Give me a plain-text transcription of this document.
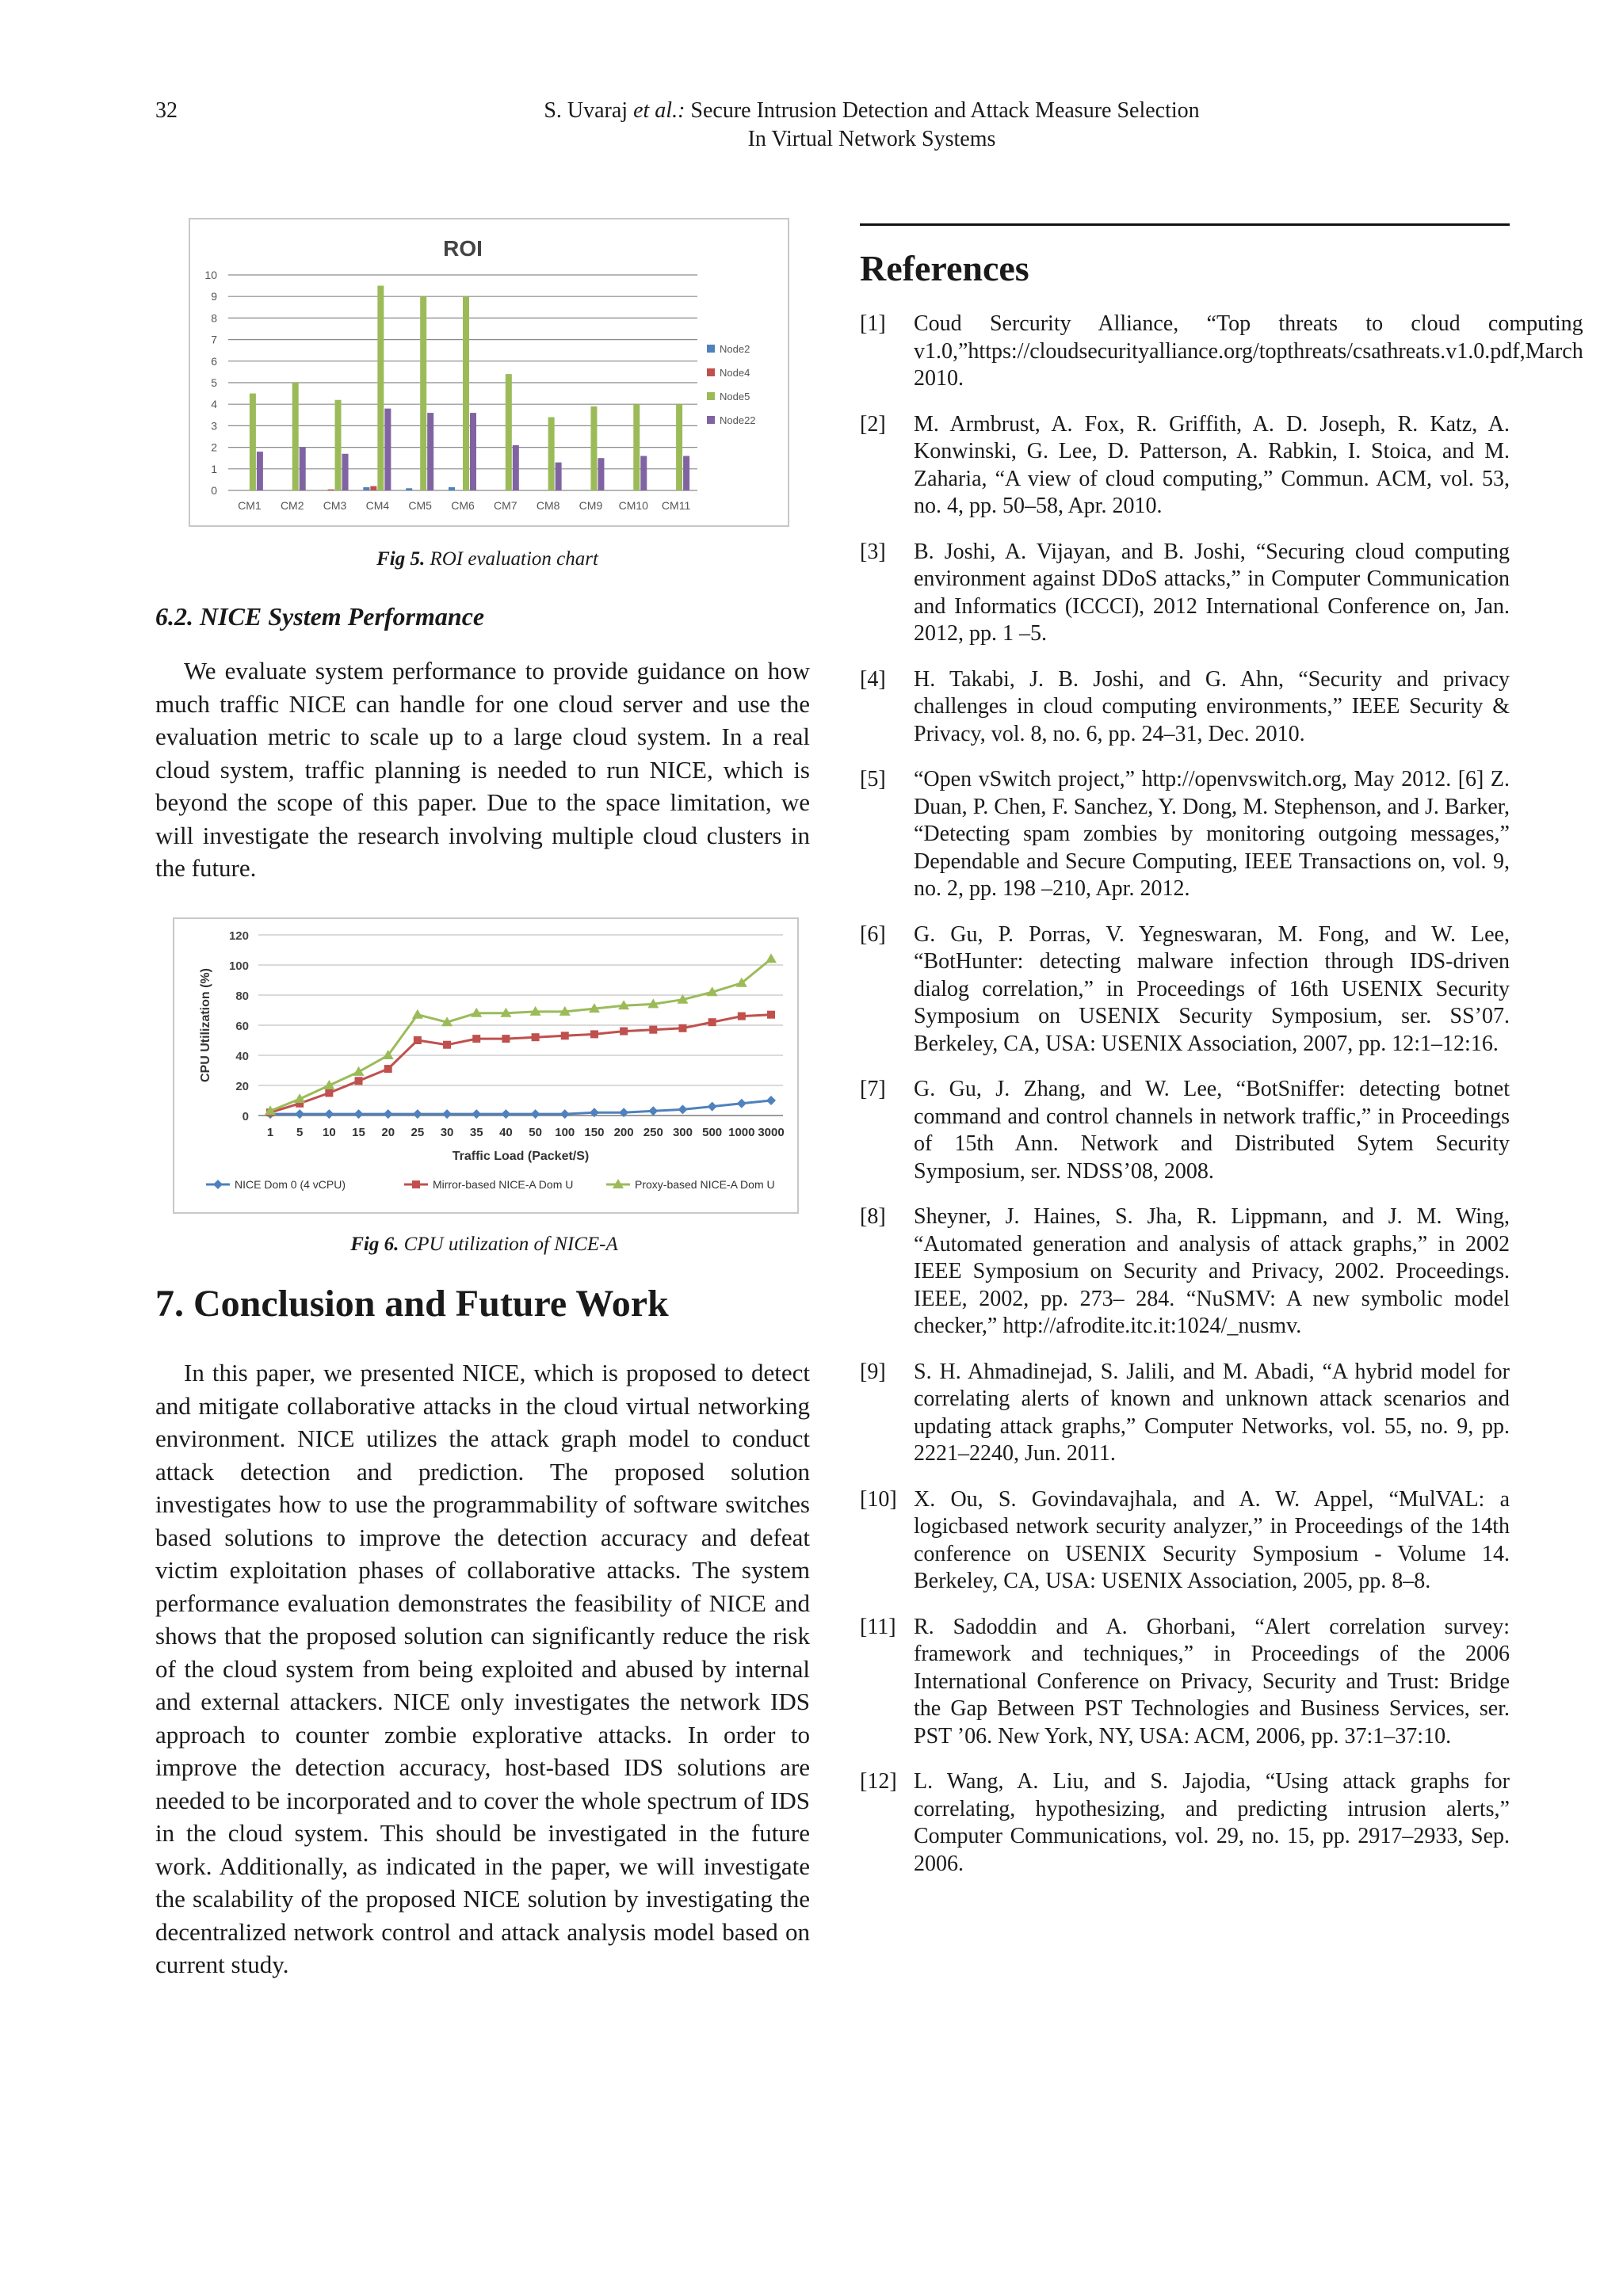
32	S. Uvaraj et al.: Secure Intrusion Detection and Attack Measure Selection
In Virtual Network Systems
ROI
0
1
2
3
4
5
6
7
8
9
10
CM1 CM2 CM3 CM4 CM5 CM6 CM7 CM8 CM9 CM10 CM11
Node2
Node4
Node5
Node22
Fig 5. ROI evaluation chart
6.2. NICE System Performance
We evaluate system performance to provide guidance on how much traffic NICE can handle for one cloud server and use the evaluation metric to scale up to a large cloud system. In a real cloud system, traffic planning is needed to run NICE, which is beyond the scope of this paper. Due to the space limitation, we will investigate the research involving multiple cloud clusters in the future.
0
20
40
60
80
100
120
1 5 10 15 20 25 30 35 40 50 100 150 200 250 300 500 1000 3000
Traffic Load (Packet/S)
CPU Utilization (%)
NICE Dom 0 (4 vCPU)	Mirror-based NICE-A Dom U	Proxy-based NICE-A Dom U
Fig 6. CPU utilization of NICE-A
7. Conclusion and Future Work
In this paper, we presented NICE, which is proposed to detect and mitigate collaborative attacks in the cloud virtual networking environment. NICE utilizes the attack graph model to conduct attack detection and prediction. The proposed solution investigates how to use the programmability of software switches based solutions to improve the detection accuracy and defeat victim exploitation phases of collaborative attacks. The system performance evaluation demonstrates the feasibility of NICE and shows that the proposed solution can significantly reduce the risk of the cloud system from being exploited and abused by internal and external attackers. NICE only investigates the network IDS approach to counter zombie explorative attacks. In order to improve the detection accuracy, host-based IDS solutions are needed to be incorporated and to cover the whole spectrum of IDS in the cloud system. This should be investigated in the future work. Additionally, as indicated in the paper, we will investigate the scalability of the proposed NICE solution by investigating the decentralized network control and attack analysis model based on current study.
References
[1]	Coud Sercurity Alliance, “Top threats to cloud computing v1.0,”https://cloudsecurityalliance.org/topthreats/csathreats.v1.0.pdf,March 2010.
[2]	M. Armbrust, A. Fox, R. Griffith, A. D. Joseph, R. Katz, A. Konwinski, G. Lee, D. Patterson, A. Rabkin, I. Stoica, and M. Zaharia, “A view of cloud computing,” Commun. ACM, vol. 53, no. 4, pp. 50–58, Apr. 2010.
[3]	B. Joshi, A. Vijayan, and B. Joshi, “Securing cloud computing environment against DDoS attacks,” in Computer Communication and Informatics (ICCCI), 2012 International Conference on, Jan. 2012, pp. 1 –5.
[4]	H. Takabi, J. B. Joshi, and G. Ahn, “Security and privacy challenges in cloud computing environments,” IEEE Security & Privacy, vol. 8, no. 6, pp. 24–31, Dec. 2010.
[5]	“Open vSwitch project,” http://openvswitch.org, May 2012. [6] Z. Duan, P. Chen, F. Sanchez, Y. Dong, M. Stephenson, and J. Barker, “Detecting spam zombies by monitoring outgoing messages,” Dependable and Secure Computing, IEEE Transactions on, vol. 9, no. 2, pp. 198 –210, Apr. 2012.
[6]	G. Gu, P. Porras, V. Yegneswaran, M. Fong, and W. Lee, “BotHunter: detecting malware infection through IDS-driven dialog correlation,” in Proceedings of 16th USENIX Security Symposium on USENIX Security Symposium, ser. SS’07. Berkeley, CA, USA: USENIX Association, 2007, pp. 12:1–12:16.
[7]	G. Gu, J. Zhang, and W. Lee, “BotSniffer: detecting botnet command and control channels in network traffic,” in Proceedings of 15th Ann. Network and Distributed Sytem Security Symposium, ser. NDSS’08, 2008.
[8]	Sheyner, J. Haines, S. Jha, R. Lippmann, and J. M. Wing, “Automated generation and analysis of attack graphs,” in 2002 IEEE Symposium on Security and Privacy, 2002. Proceedings. IEEE, 2002, pp. 273– 284. “NuSMV: A new symbolic model checker,” http://afrodite.itc.it:1024/_nusmv.
[9]	S. H. Ahmadinejad, S. Jalili, and M. Abadi, “A hybrid model for correlating alerts of known and unknown attack scenarios and updating attack graphs,” Computer Networks, vol. 55, no. 9, pp. 2221–2240, Jun. 2011.
[10] X. Ou, S. Govindavajhala, and A. W. Appel, “MulVAL: a logicbased network security analyzer,” in Proceedings of the 14th conference on USENIX Security Symposium - Volume 14. Berkeley, CA, USA: USENIX Association, 2005, pp. 8–8.
[11] R. Sadoddin and A. Ghorbani, “Alert correlation survey: framework and techniques,” in Proceedings of the 2006 International Conference on Privacy, Security and Trust: Bridge the Gap Between PST Technologies and Business Services, ser. PST ’06. New York, NY, USA: ACM, 2006, pp. 37:1–37:10.
[12] L. Wang, A. Liu, and S. Jajodia, “Using attack graphs for correlating, hypothesizing, and predicting intrusion alerts,” Computer Communications, vol. 29, no. 15, pp. 2917–2933, Sep. 2006.
